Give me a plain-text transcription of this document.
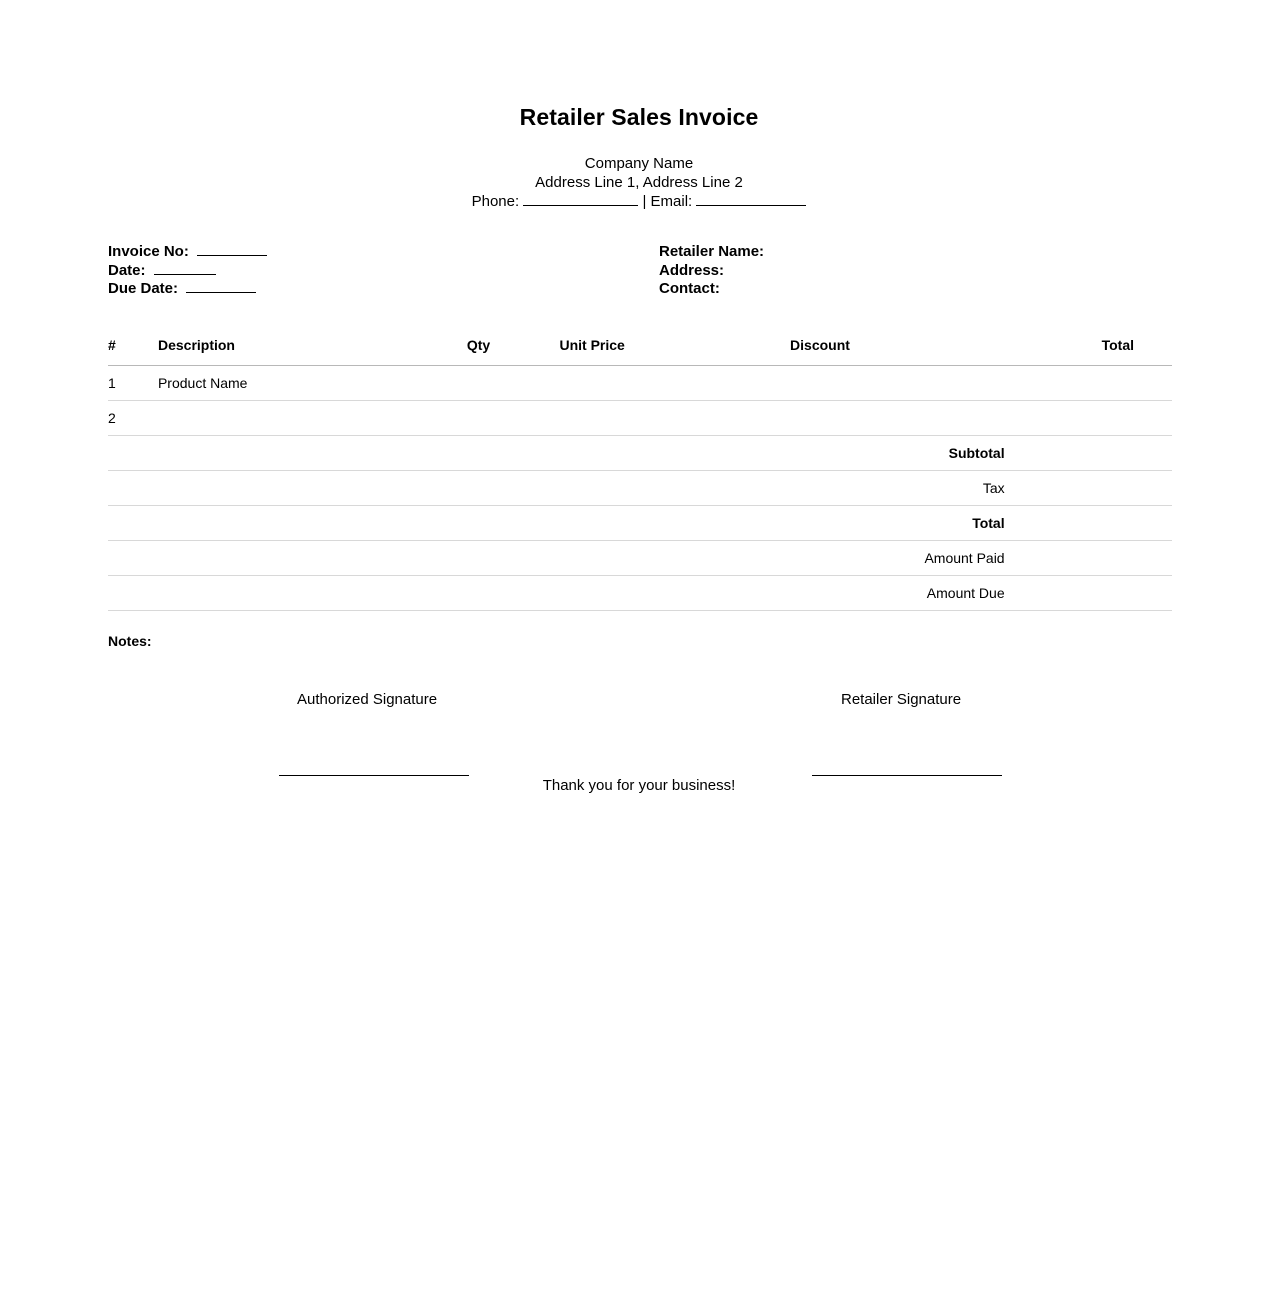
Retailer Sales Invoice
Company Name
Address Line 1, Address Line 2
Phone:	| Email:
Invoice No:
Date:
Due Date:
Retailer Name:
Address:
Contact:
#	Description	Qty	Unit Price	Discount	Total
1	Product Name				
2					
Subtotal					
Tax					
Total					
Amount Paid					
Amount Due					
Notes:
Authorized Signature	Retailer Signature
Thank you for your business!
